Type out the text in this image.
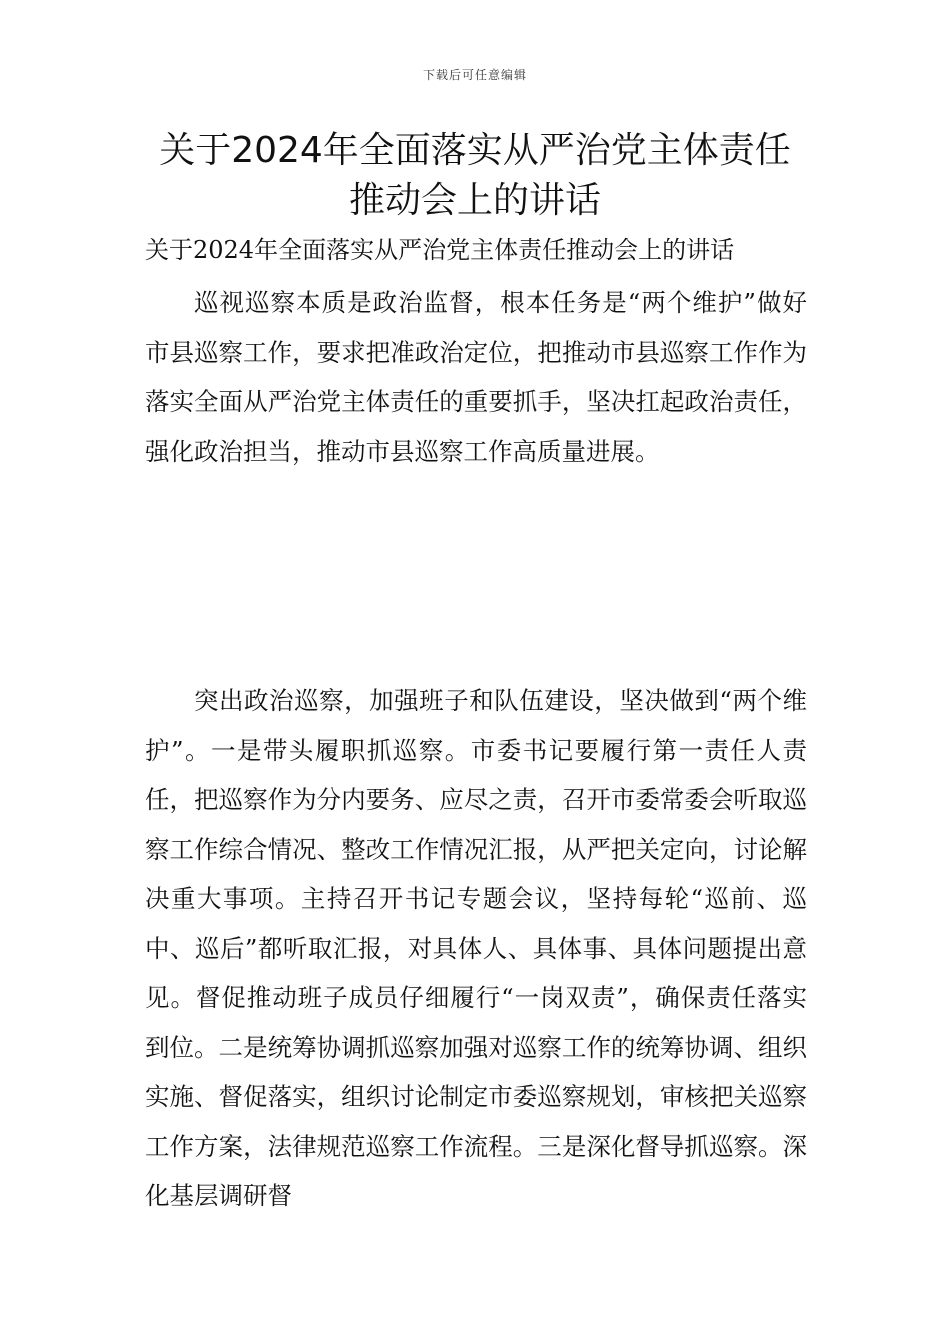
下载后可任意编辑
关于2024年全面落实从严治党主体责任推动会上的讲话
关于2024年全面落实从严治党主体责任推动会上的讲话

巡视巡察本质是政治监督，根本任务是“两个维护”做好市县巡察工作，要求把准政治定位，把推动市县巡察工作作为落实全面从严治党主体责任的重要抓手，坚决扛起政治责任，强化政治担当，推动市县巡察工作高质量进展。

突出政治巡察，加强班子和队伍建设，坚决做到“两个维护”。一是带头履职抓巡察。市委书记要履行第一责任人责任，把巡察作为分内要务、应尽之责，召开市委常委会听取巡察工作综合情况、整改工作情况汇报，从严把关定向，讨论解决重大事项。主持召开书记专题会议，坚持每轮“巡前、巡中、巡后”都听取汇报，对具体人、具体事、具体问题提出意见。督促推动班子成员仔细履行“一岗双责”，确保责任落实到位。二是统筹协调抓巡察加强对巡察工作的统筹协调、组织实施、督促落实，组织讨论制定市委巡察规划，审核把关巡察工作方案，法律规范巡察工作流程。三是深化督导抓巡察。深化基层调研督
